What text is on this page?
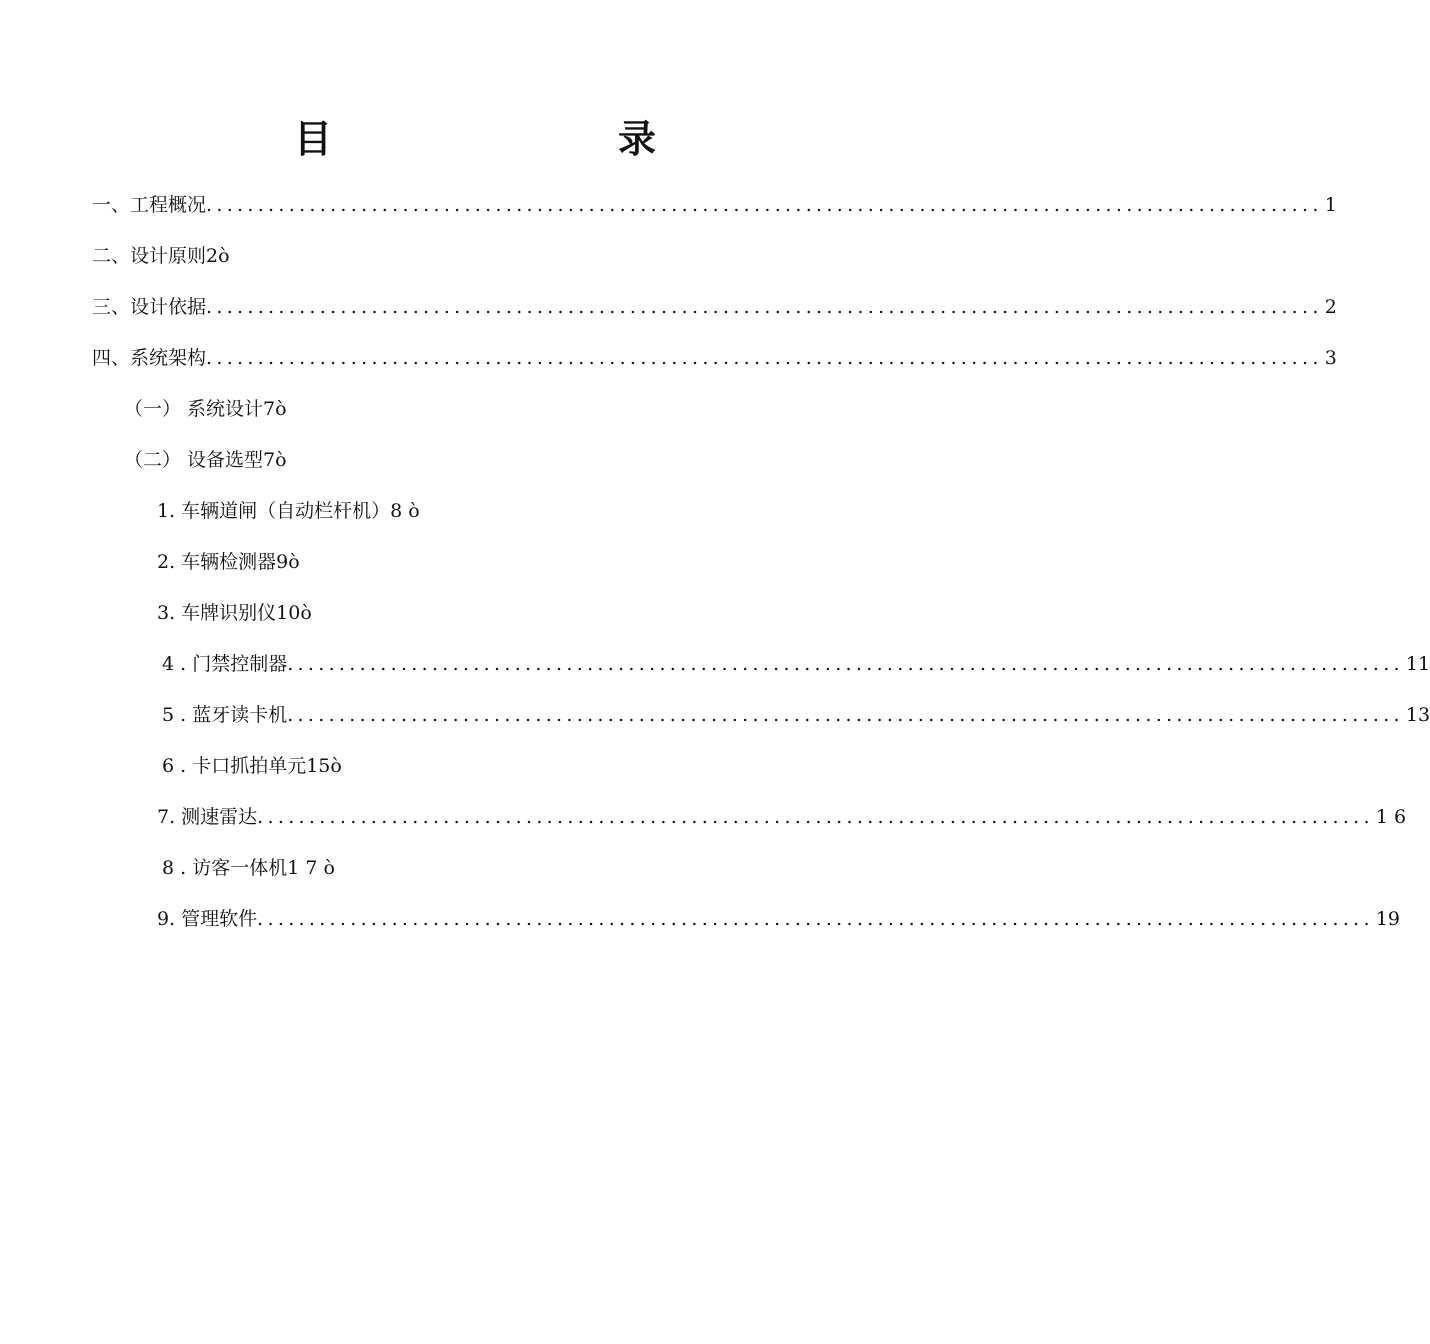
目　　录
一、工程概况 ............................................................................................................ 1
二、设计原则 2ò
三、设计依据 ............................................................................................................ 2
四、系统架构 ............................................................................................................ 3
（一） 系统设计 7ò
（二） 设备选型 7ò
1. 车辆道闸（自动栏杆机） 8 ò
2. 车辆检测器 9ò
3. 车牌识别仪 10ò
4 . 门禁控制器 ............................................................................................................ 11
5 . 蓝牙读卡机 ............................................................................................................ 13
6 . 卡口抓拍单元 15ò
7. 测速雷达 ............................................................................................................ 1 6
8 . 访客一体机 1 7 ò
9. 管理软件 ............................................................................................................ 19
